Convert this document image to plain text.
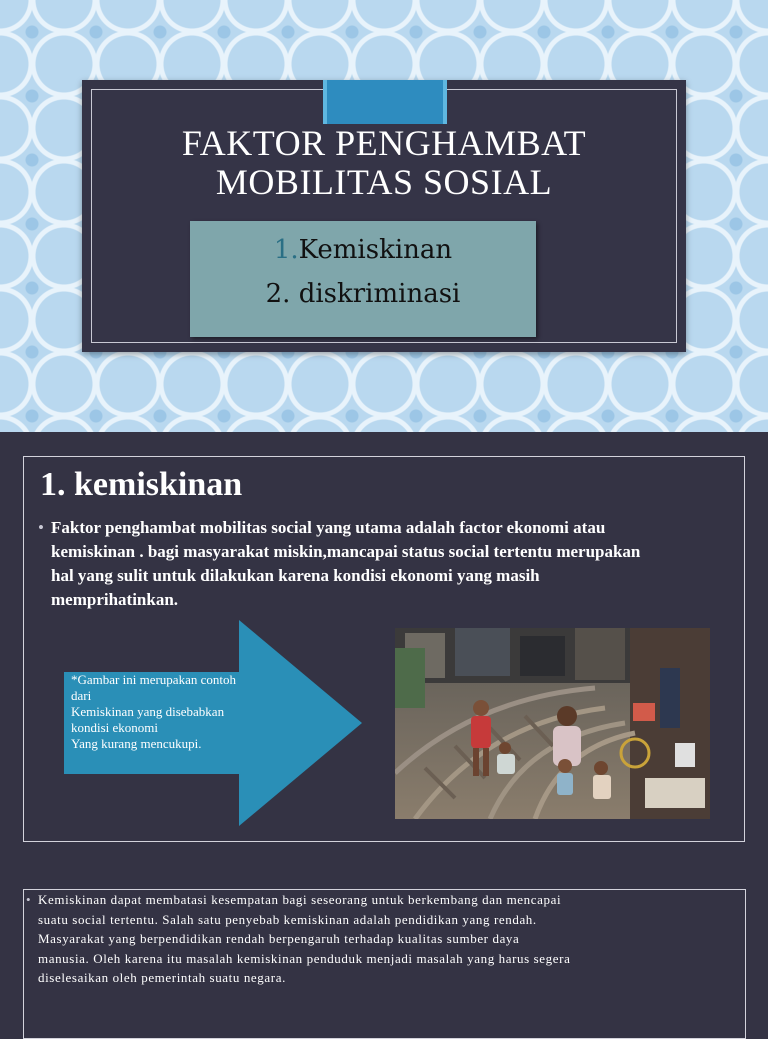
FAKTOR PENGHAMBAT
MOBILITAS SOSIAL
1.Kemiskinan
2. diskriminasi
1. kemiskinan
• Faktor penghambat mobilitas social yang utama adalah factor ekonomi atau
kemiskinan . bagi masyarakat miskin,mancapai status social tertentu merupakan
hal yang sulit untuk dilakukan karena kondisi ekonomi yang masih
memprihatinkan.
*Gambar ini merupakan contoh
dari
Kemiskinan yang disebabkan
kondisi ekonomi
Yang kurang mencukupi.
• Kemiskinan dapat membatasi kesempatan bagi seseorang untuk berkembang dan mencapai
suatu social tertentu. Salah satu penyebab kemiskinan adalah pendidikan yang rendah.
Masyarakat yang berpendidikan rendah berpengaruh terhadap kualitas sumber daya
manusia. Oleh karena itu masalah kemiskinan penduduk menjadi masalah yang harus segera
diselesaikan oleh pemerintah suatu negara.
